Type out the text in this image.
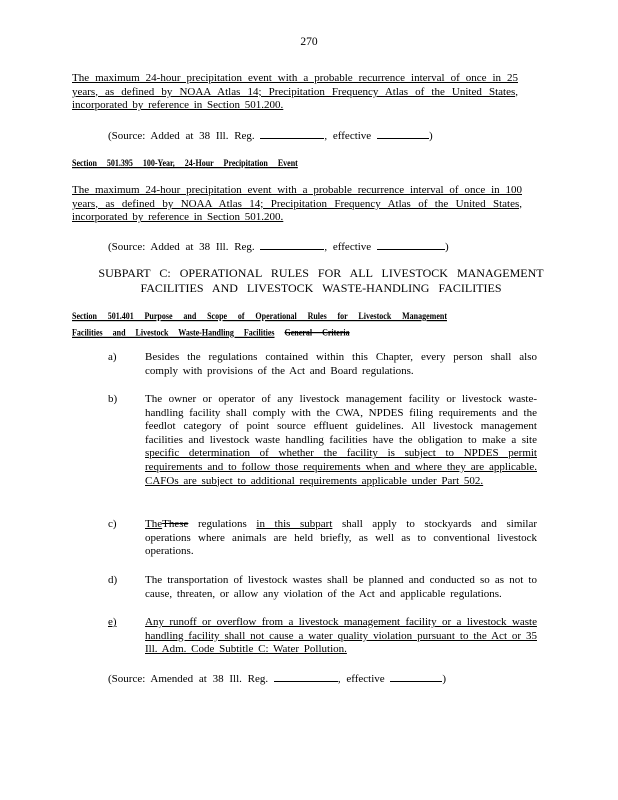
270
The maximum 24-hour precipitation event with a probable recurrence interval of once in 25 years, as defined by NOAA Atlas 14; Precipitation Frequency Atlas of the United States, incorporated by reference in Section 501.200.
(Source: Added at 38 Ill. Reg.	, effective	)
Section 501.395 100-Year, 24-Hour Precipitation Event
The maximum 24-hour precipitation event with a probable recurrence interval of once in 100 years, as defined by NOAA Atlas 14; Precipitation Frequency Atlas of the United States, incorporated by reference in Section 501.200.
(Source: Added at 38 Ill. Reg.	, effective	)
SUBPART C: OPERATIONAL RULES FOR ALL LIVESTOCK MANAGEMENT
FACILITIES AND LIVESTOCK WASTE-HANDLING FACILITIES
Section 501.401 Purpose and Scope of Operational Rules for Livestock Management Facilities and Livestock Waste-Handling Facilities General Criteria
a)	Besides the regulations contained within this Chapter, every person shall also comply with provisions of the Act and Board regulations.
b)	The owner or operator of any livestock management facility or livestock waste-handling facility shall comply with the CWA, NPDES filing requirements and the feedlot category of point source effluent guidelines. All livestock management facilities and livestock waste handling facilities have the obligation to make a site specific determination of whether the facility is subject to NPDES permit requirements and to follow those requirements when and where they are applicable. CAFOs are subject to additional requirements applicable under Part 502.
c)	TheThese regulations in this subpart shall apply to stockyards and similar operations where animals are held briefly, as well as to conventional livestock operations.
d)	The transportation of livestock wastes shall be planned and conducted so as not to cause, threaten, or allow any violation of the Act and applicable regulations.
e)	Any runoff or overflow from a livestock management facility or a livestock waste handling facility shall not cause a water quality violation pursuant to the Act or 35 Ill. Adm. Code Subtitle C: Water Pollution.
(Source: Amended at 38 Ill. Reg.	, effective	)
